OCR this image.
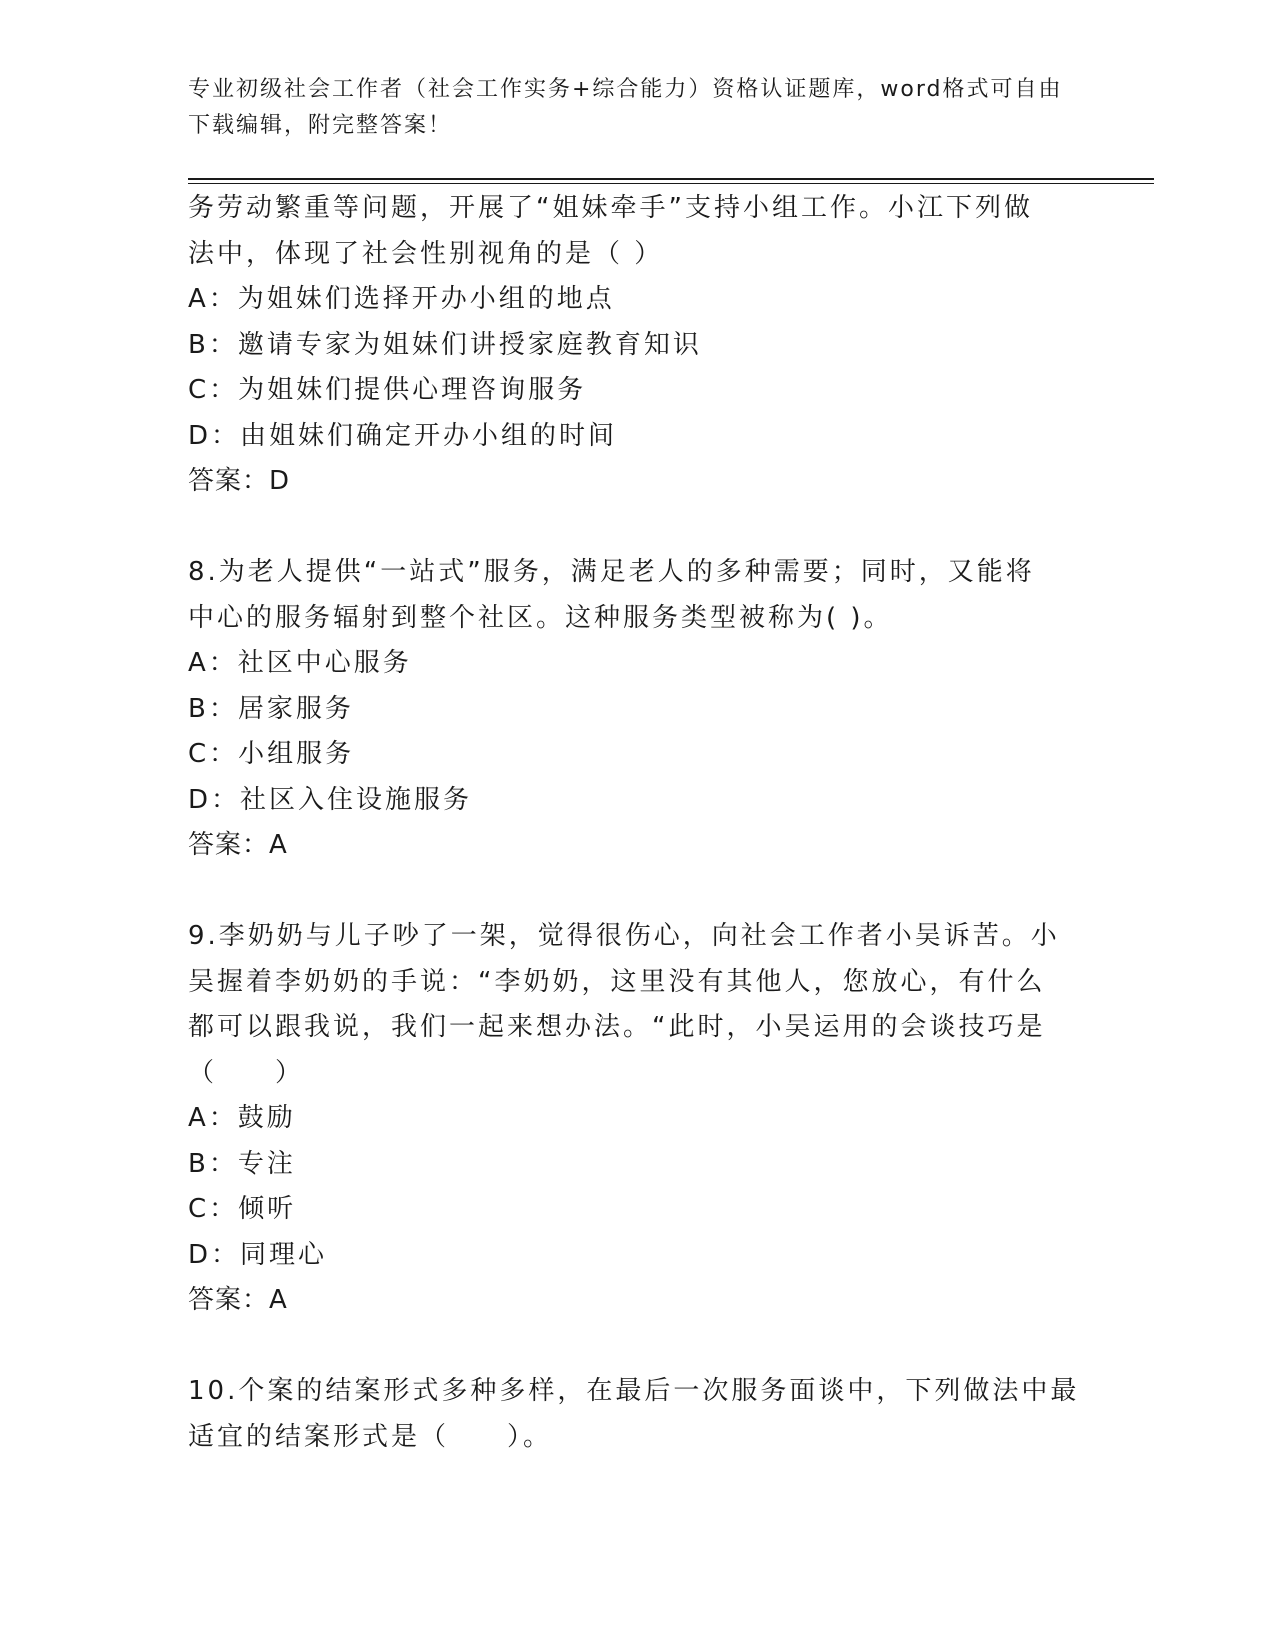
专业初级社会工作者（社会工作实务+综合能力）资格认证题库，word格式可自由
下载编辑，附完整答案！
务劳动繁重等问题，开展了“姐妹牵手”支持小组工作。小江下列做
法中，体现了社会性别视角的是（ ）
A：为姐妹们选择开办小组的地点
B：邀请专家为姐妹们讲授家庭教育知识
C：为姐妹们提供心理咨询服务
D：由姐妹们确定开办小组的时间
答案：D
8.为老人提供“一站式”服务，满足老人的多种需要；同时，又能将
中心的服务辐射到整个社区。这种服务类型被称为( )。
A：社区中心服务
B：居家服务
C：小组服务
D：社区入住设施服务
答案：A
9.李奶奶与儿子吵了一架，觉得很伤心，向社会工作者小吴诉苦。小
吴握着李奶奶的手说：“李奶奶，这里没有其他人，您放心，有什么
都可以跟我说，我们一起来想办法。“此时，小吴运用的会谈技巧是
（　　）
A：鼓励
B：专注
C：倾听
D：同理心
答案：A
10.个案的结案形式多种多样，在最后一次服务面谈中，下列做法中最
适宜的结案形式是（　　）。
